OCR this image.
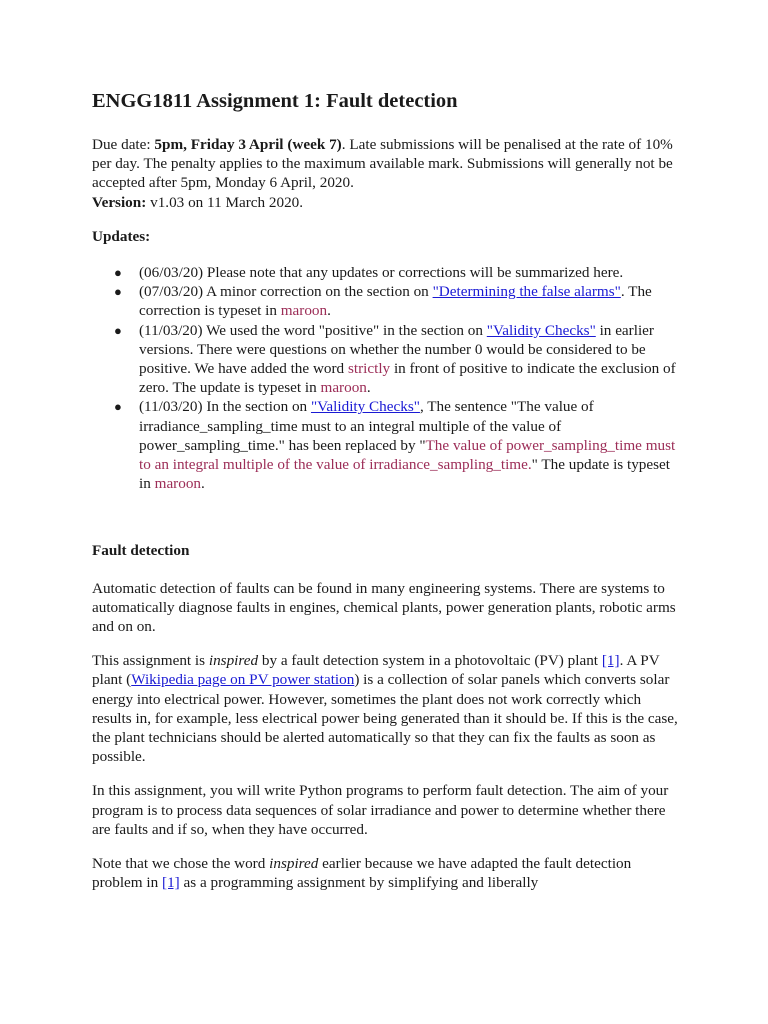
ENGG1811 Assignment 1: Fault detection

Due date: 5pm, Friday 3 April (week 7). Late submissions will be penalised at the rate of 10% per day. The penalty applies to the maximum available mark. Submissions will generally not be accepted after 5pm, Monday 6 April, 2020.
Version: v1.03 on 11 March 2020.

Updates:
● (06/03/20) Please note that any updates or corrections will be summarized here.
● (07/03/20) A minor correction on the section on "Determining the false alarms". The correction is typeset in maroon.
● (11/03/20) We used the word "positive" in the section on "Validity Checks" in earlier versions. There were questions on whether the number 0 would be considered to be positive. We have added the word strictly in front of positive to indicate the exclusion of zero. The update is typeset in maroon.
● (11/03/20) In the section on "Validity Checks", The sentence "The value of irradiance_sampling_time must to an integral multiple of the value of power_sampling_time." has been replaced by "The value of power_sampling_time must to an integral multiple of the value of irradiance_sampling_time." The update is typeset in maroon.
Fault detection

Automatic detection of faults can be found in many engineering systems. There are systems to automatically diagnose faults in engines, chemical plants, power generation plants, robotic arms and on on.

This assignment is inspired by a fault detection system in a photovoltaic (PV) plant [1]. A PV plant (Wikipedia page on PV power station) is a collection of solar panels which converts solar energy into electrical power. However, sometimes the plant does not work correctly which results in, for example, less electrical power being generated than it should be. If this is the case, the plant technicians should be alerted automatically so that they can fix the faults as soon as possible.

In this assignment, you will write Python programs to perform fault detection. The aim of your program is to process data sequences of solar irradiance and power to determine whether there are faults and if so, when they have occurred.

Note that we chose the word inspired earlier because we have adapted the fault detection problem in [1] as a programming assignment by simplifying and liberally
